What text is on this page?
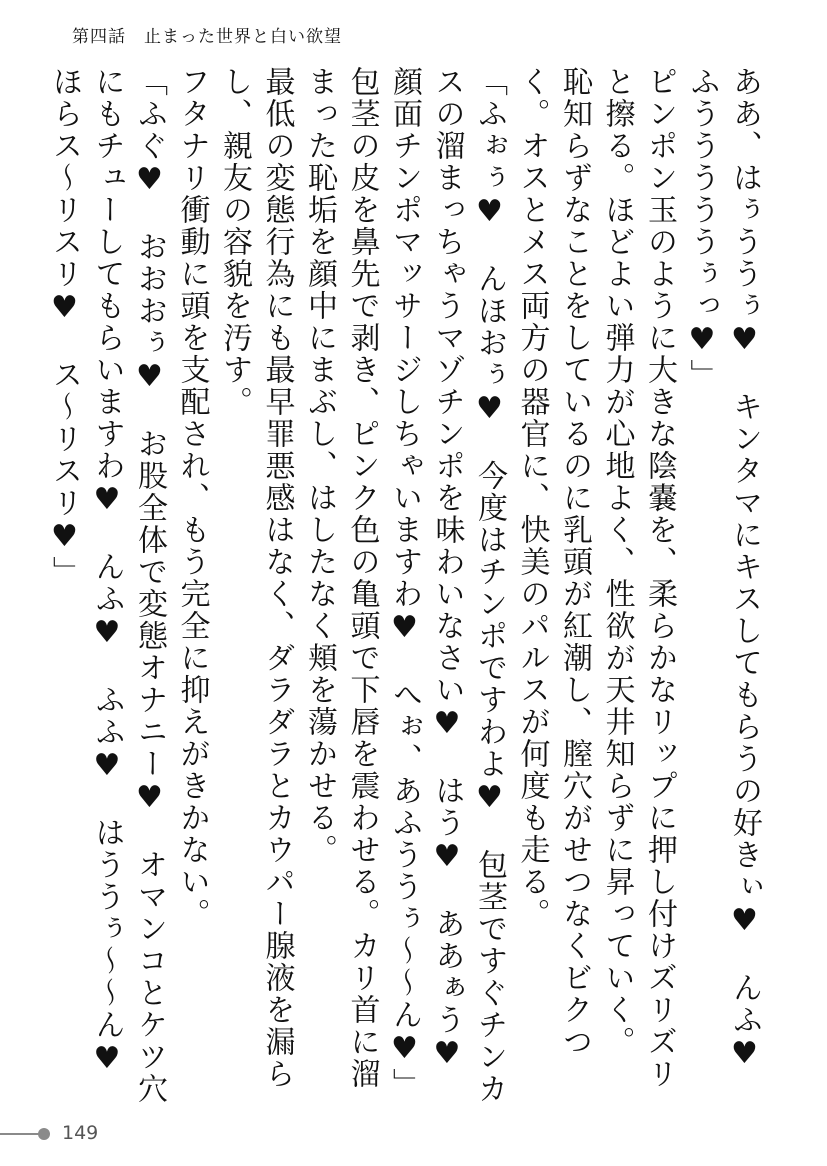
第四話　止まった世界と白い欲望

ああ、はぅううぅ♥　キンタマにキスしてもらうの好きぃ♥　んふ♥　ふうううううぅっ♥」

ピンポン玉のように大きな陰嚢を、柔らかなリップに押し付けズリズリと擦る。ほどよい弾力が心地よく、性欲が天井知らずに昇っていく。

恥知らずなことをしているのに乳頭が紅潮し、膣穴がせつなくビクつく。オスとメス両方の器官に、快美のパルスが何度も走る。

「ふぉぅ♥　んほおぅ♥　今度はチンポですわよ♥　包茎ですぐチンカスの溜まっちゃうマゾチンポを味わいなさい♥　はう♥　ああぁう♥　顔面チンポマッサージしちゃいますわ♥　へぉ、あふううぅ～～ん♥」

包茎の皮を鼻先で剥き、ピンク色の亀頭で下唇を震わせる。カリ首に溜まった恥垢を顔中にまぶし、はしたなく頬を蕩かせる。

最低の変態行為にも最早罪悪感はなく、ダラダラとカウパー腺液を漏らし、親友の容貌を汚す。

フタナリ衝動に頭を支配され、もう完全に抑えがきかない。

「ふぐ♥　おおおぅ♥　お股全体で変態オナニー♥　オマンコとケツ穴にもチューしてもらいますわ♥　んふ♥　ふふ♥　はううぅ～～ん♥　ほらス～リスリ♥　ス～リスリ♥」

149
